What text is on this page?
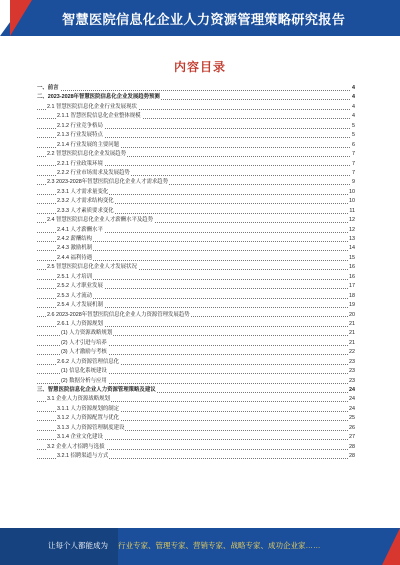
智慧医院信息化企业人力资源管理策略研究报告
内容目录
一、前言	4
二、2023-2028年智慧医院信息化企业发展趋势预测	4
2.1 智慧医院信息化企业行业发展现状	4
2.1.1 智慧医院信息化企业整体规模	4
2.1.2 行业竞争格局	5
2.1.3 行业发展特点	5
2.1.4 行业发展的主要问题	6
2.2 智慧医院信息化企业发展趋势	7
2.2.1 行业政策环境	7
2.2.2 行业市场需求及发展趋势	7
2.3 2023-2028年智慧医院信息化企业人才需求趋势	9
2.3.1 人才需求量变化	10
2.3.2 人才需求结构变化	10
2.3.3 人才素质要求变化	11
2.4 智慧医院信息化企业人才薪酬水平及趋势	12
2.4.1 人才薪酬水平	12
2.4.2 薪酬结构	13
2.4.3 激励机制	14
2.4.4 福利待遇	15
2.5 智慧医院信息化企业人才发展状况	16
2.5.1 人才培训	16
2.5.2 人才职业发展	17
2.5.3 人才流动	18
2.5.4 人才发展机制	19
2.6 2023-2028年智慧医院信息化企业人力资源管理发展趋势	20
2.6.1 人力资源规划	21
(1) 人力资源战略规划	21
(2) 人才引进与培养	21
(3) 人才激励与考核	22
2.6.2 人力资源管理信息化	23
(1) 信息化系统建设	23
(2) 数据分析与应用	23
三、智慧医院信息化企业人力资源管理策略及建议	24
3.1 企业人力资源战略规划	24
3.1.1 人力资源规划的制定	24
3.1.2 人力资源配置与优化	25
3.1.3 人力资源管理制度建设	26
3.1.4 企业文化建设	27
3.2 企业人才招聘与选拔	28
3.2.1 招聘渠道与方式	28
让每个人都能成为 行业专家、管理专家、营销专家、战略专家、成功企业家……
